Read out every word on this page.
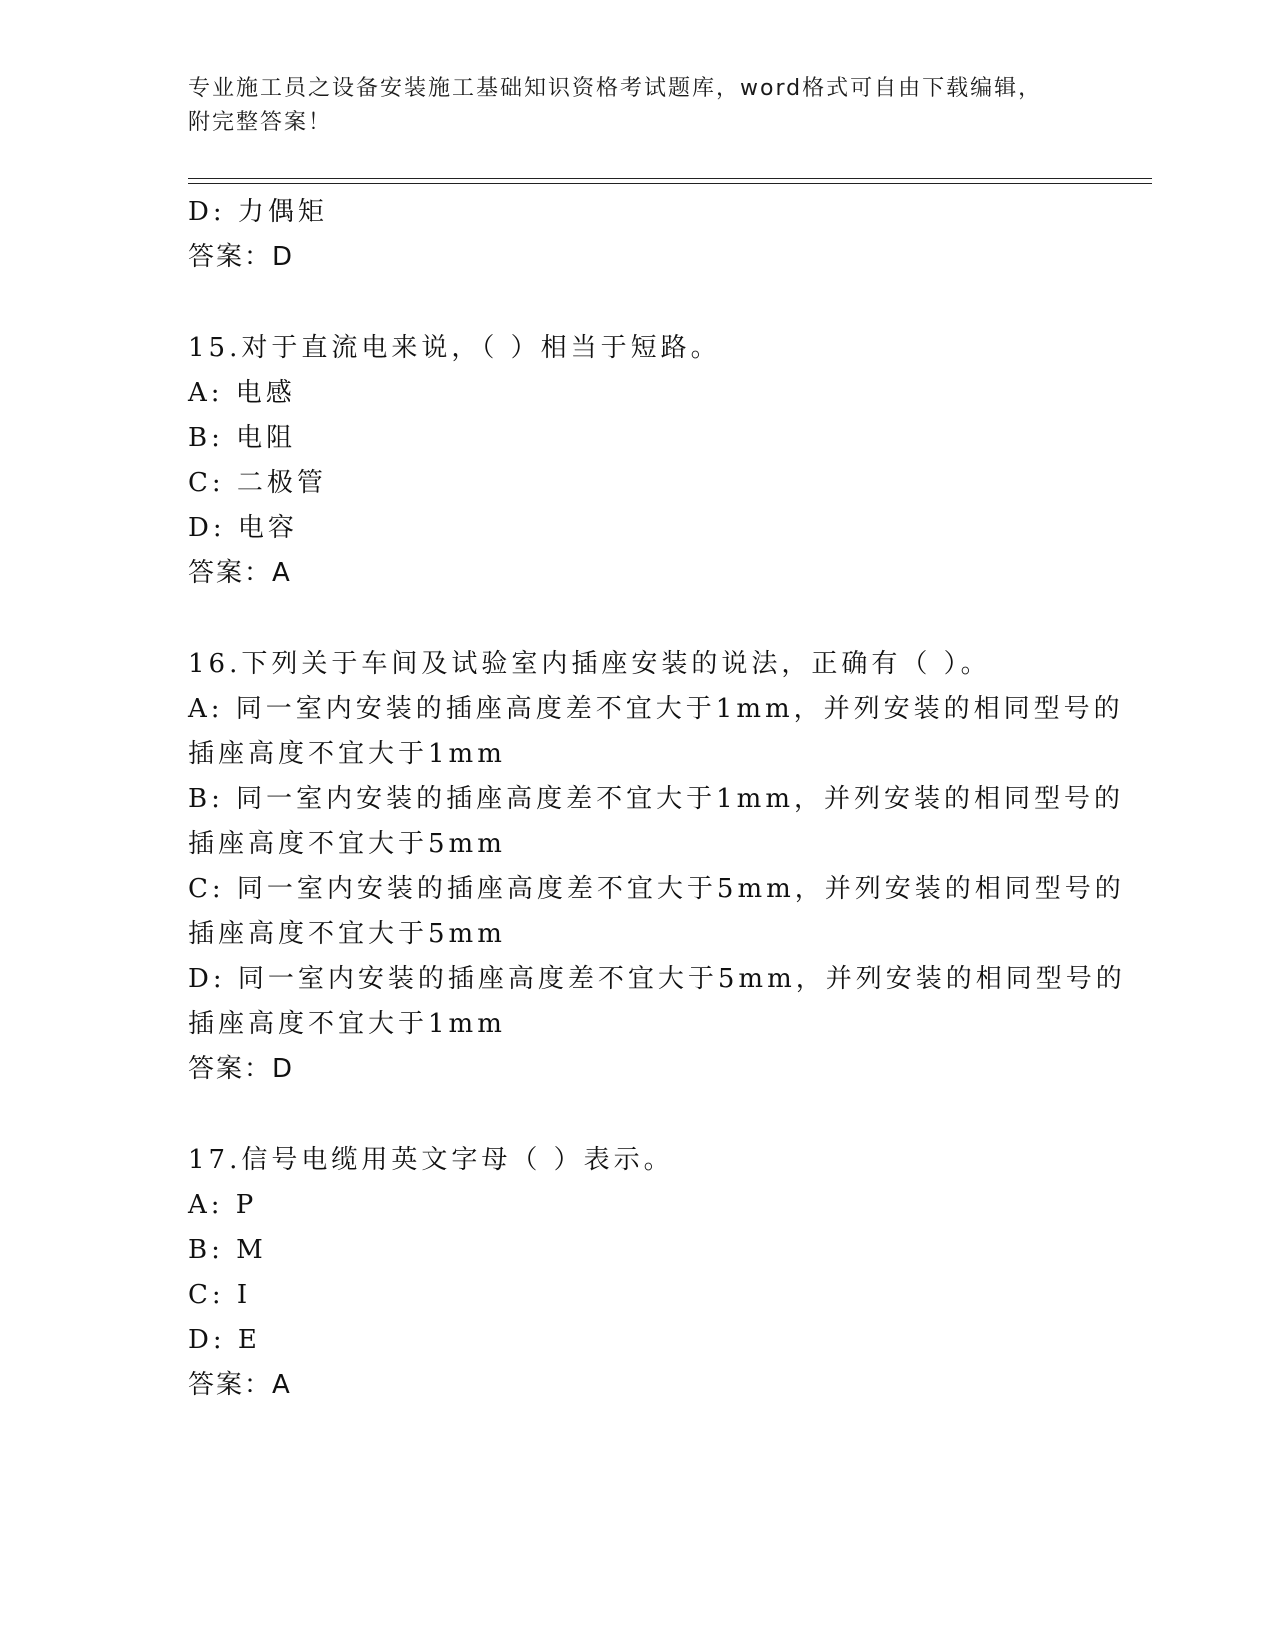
专业施工员之设备安装施工基础知识资格考试题库，word格式可自由下载编辑，
附完整答案！
D: 力偶矩
答案：D
15.对于直流电来说，（ ）相当于短路。
A: 电感
B: 电阻
C: 二极管
D: 电容
答案：A
16.下列关于车间及试验室内插座安装的说法，正确有（ ）。
A: 同一室内安装的插座高度差不宜大于1mm，并列安装的相同型号的
插座高度不宜大于1mm
B: 同一室内安装的插座高度差不宜大于1mm，并列安装的相同型号的
插座高度不宜大于5mm
C: 同一室内安装的插座高度差不宜大于5mm，并列安装的相同型号的
插座高度不宜大于5mm
D: 同一室内安装的插座高度差不宜大于5mm，并列安装的相同型号的
插座高度不宜大于1mm
答案：D
17.信号电缆用英文字母（ ）表示。
A: P
B: M
C: I
D: E
答案：A
